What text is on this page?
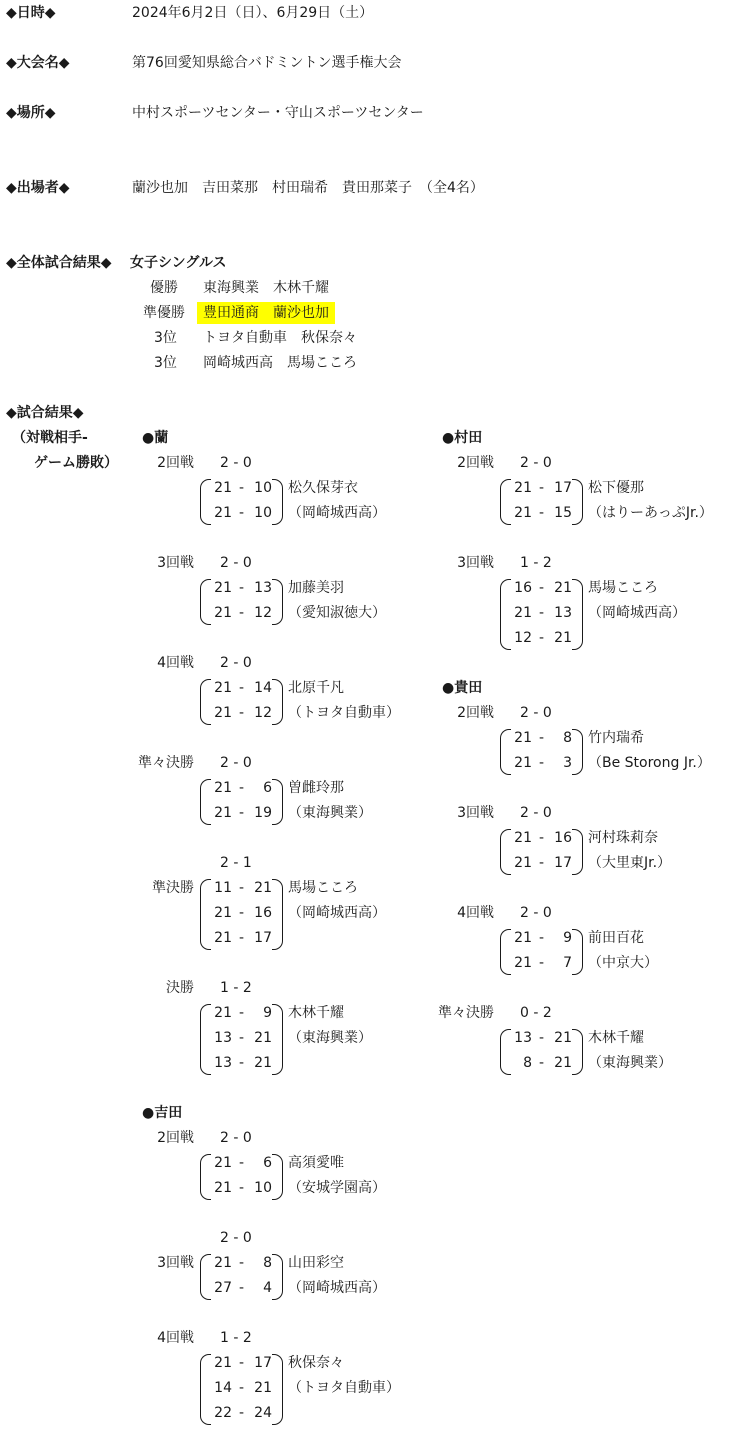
◆日時◆	2024年6月2日（日）、6月29日（土）
◆大会名◆	第76回愛知県総合バドミントン選手権大会
◆場所◆	中村スポーツセンター・守山スポーツセンター
◆出場者◆	蘭沙也加　吉田菜那　村田瑞希　貴田那菜子　（全4名）
◆全体試合結果◆ 女子シングルス
優勝 東海興業　木林千耀
準優勝	豊田通商　蘭沙也加
3位 トヨタ自動車　秋保奈々
3位 岡崎城西高　馬場こころ
◆試合結果◆
（対戦相手-
ゲーム勝敗）
●蘭
2回戦 2 - 0
21 - 10
21 - 10
松久保芽衣
（岡崎城西高）
3回戦 2 - 0
21 - 13
21 - 12
加藤美羽
（愛知淑徳大）
4回戦 2 - 0
21 - 14
21 - 12
北原千凡
（トヨタ自動車）
準々決勝 2 - 0
21 -	6
21 - 19
曽雌玲那
（東海興業）
準決勝
2 - 1
11 - 21
21 - 16
21 - 17
馬場こころ
（岡崎城西高）
決勝 1 - 2
21 -	9
13 - 21
13 - 21
木林千耀
（東海興業）
●村田
2回戦 2 - 0
21 - 17
21 - 15
松下優那
（はりーあっぷJr.）
3回戦 1 - 2
16 - 21
21 - 13
12 - 21
馬場こころ
（岡崎城西高）
●貴田
2回戦 2 - 0
21 -	8
21 -	3
竹内瑞希
（Be Storong Jr.）
3回戦 2 - 0
21 - 16
21 - 17
河村珠莉奈
（大里東Jr.）
4回戦 2 - 0
21 -	9
21 -	7
前田百花
（中京大）
準々決勝 0 - 2
13 - 21
8 - 21
木林千耀
（東海興業）
●吉田
2回戦 2 - 0
21 -	6
21 - 10
高須愛唯
（安城学園高）
3回戦
2 - 0
21 -	8
27 -	4
山田彩空
（岡崎城西高）
4回戦 1 - 2
21 - 17
14 - 21
22 - 24
秋保奈々
（トヨタ自動車）
